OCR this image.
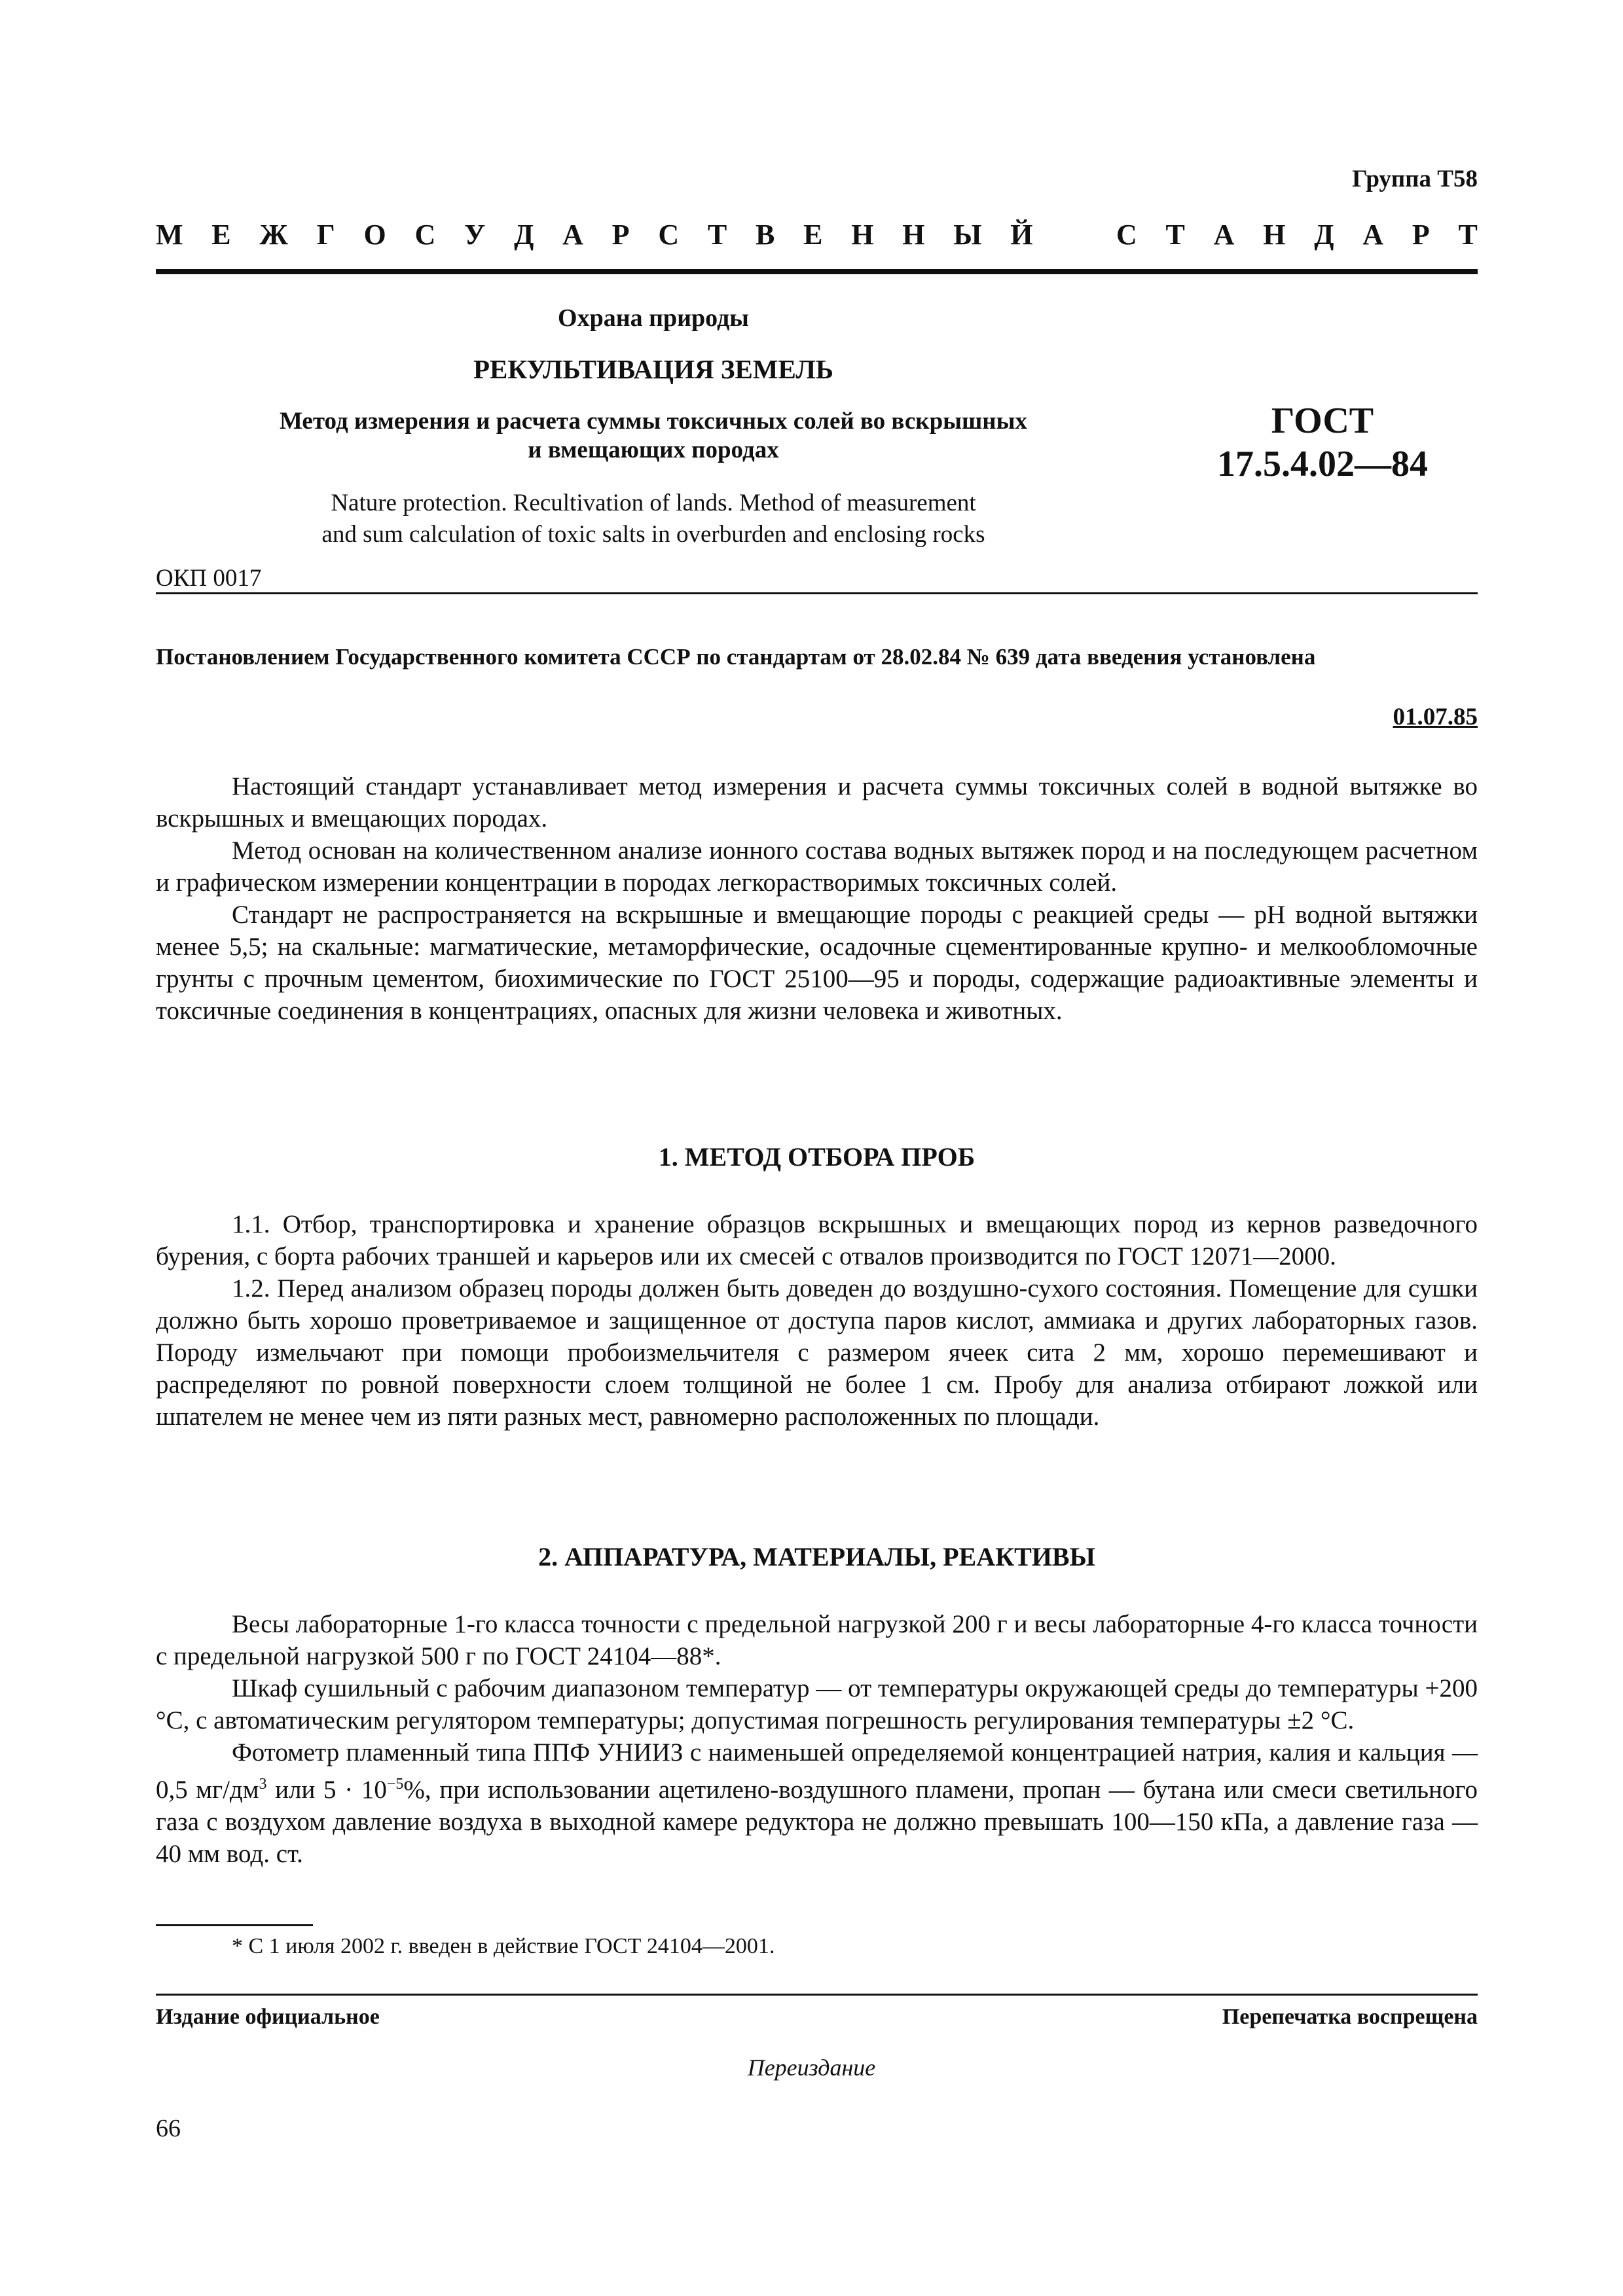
Группа Т58
М Е Ж Г О С У Д А Р С Т В Е Н Н Ы Й	С Т А Н Д А Р Т
Охрана природы
РЕКУЛЬТИВАЦИЯ ЗЕМЕЛЬ
Метод измерения и расчета суммы токсичных солей во вскрышных
и вмещающих породах
Nature protection. Recultivation of lands. Method of measurement
and sum calculation of toxic salts in overburden and enclosing rocks
ГОСТ
17.5.4.02—84
ОКП 0017
Постановлением Государственного комитета СССР по стандартам от 28.02.84 № 639 дата введения установлена
01.07.85

Настоящий стандарт устанавливает метод измерения и расчета суммы токсичных солей в водной вытяжке во вскрышных и вмещающих породах.

Метод основан на количественном анализе ионного состава водных вытяжек пород и на последующем расчетном и графическом измерении концентрации в породах легкорастворимых токсичных солей.

Стандарт не распространяется на вскрышные и вмещающие породы с реакцией среды — pH водной вытяжки менее 5,5; на скальные: магматические, метаморфические, осадочные сцементированные крупно- и мелкообломочные грунты с прочным цементом, биохимические по ГОСТ 25100—95 и породы, содержащие радиоактивные элементы и токсичные соединения в концентрациях, опасных для жизни человека и животных.

1. МЕТОД ОТБОРА ПРОБ

1.1. Отбор, транспортировка и хранение образцов вскрышных и вмещающих пород из кернов разведочного бурения, с борта рабочих траншей и карьеров или их смесей с отвалов производится по ГОСТ 12071—2000.

1.2. Перед анализом образец породы должен быть доведен до воздушно-сухого состояния. Помещение для сушки должно быть хорошо проветриваемое и защищенное от доступа паров кислот, аммиака и других лабораторных газов. Породу измельчают при помощи пробоизмельчителя с размером ячеек сита 2 мм, хорошо перемешивают и распределяют по ровной поверхности слоем толщиной не более 1 см. Пробу для анализа отбирают ложкой или шпателем не менее чем из пяти разных мест, равномерно расположенных по площади.

2. АППАРАТУРА, МАТЕРИАЛЫ, РЕАКТИВЫ

Весы лабораторные 1-го класса точности с предельной нагрузкой 200 г и весы лабораторные 4-го класса точности с предельной нагрузкой 500 г по ГОСТ 24104—88*.

Шкаф сушильный с рабочим диапазоном температур — от температуры окружающей среды до температуры +200 °C, с автоматическим регулятором температуры; допустимая погрешность регулирования температуры ±2 °C.

Фотометр пламенный типа ППФ УНИИЗ с наименьшей определяемой концентрацией натрия, калия и кальция — 0,5 $мг/дм^3$ или $5 \cdot 10^{-5}\%$, при использовании ацетилено-воздушного пламени, пропан — бутана или смеси светильного газа с воздухом давление воздуха в выходной камере редуктора не должно превышать 100—150 кПа, а давление газа — 40 мм вод. ст.

* С 1 июля 2002 г. введен в действие ГОСТ 24104—2001.
Издание официальное	Перепечатка воспрещена
Переиздание
66
